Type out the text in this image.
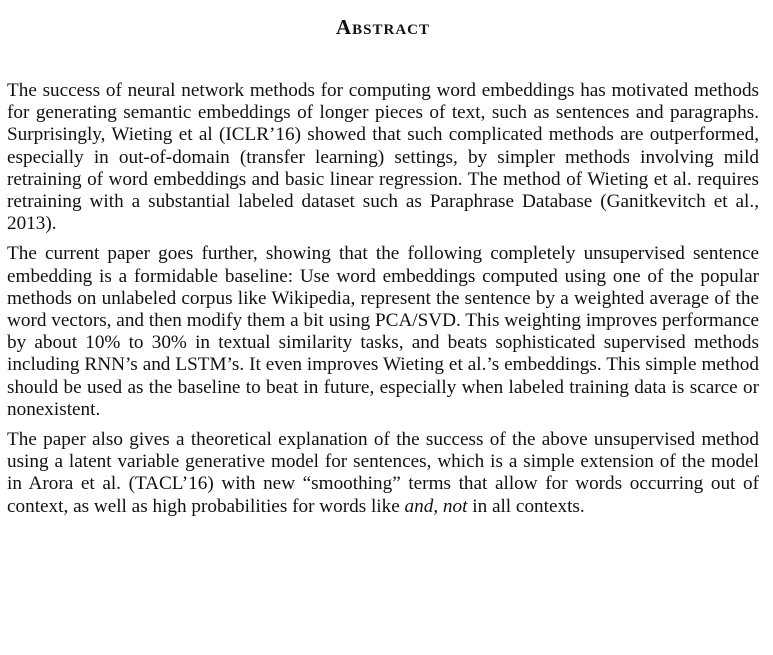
Abstract

The success of neural network methods for computing word embeddings has motivated methods for generating semantic embeddings of longer pieces of text, such as sentences and paragraphs. Surprisingly, Wieting et al (ICLR’16) showed that such complicated methods are outperformed, especially in out-of-domain (transfer learning) settings, by simpler methods involving mild retraining of word embeddings and basic linear regression. The method of Wieting et al. requires retraining with a substantial labeled dataset such as Paraphrase Database (Ganitkevitch et al., 2013).

The current paper goes further, showing that the following completely unsupervised sentence embedding is a formidable baseline: Use word embeddings computed using one of the popular methods on unlabeled corpus like Wikipedia, represent the sentence by a weighted average of the word vectors, and then modify them a bit using PCA/SVD. This weighting improves performance by about 10% to 30% in textual similarity tasks, and beats sophisticated supervised methods including RNN’s and LSTM’s. It even improves Wieting et al.’s embeddings. This simple method should be used as the baseline to beat in future, especially when labeled training data is scarce or nonexistent.

The paper also gives a theoretical explanation of the success of the above unsupervised method using a latent variable generative model for sentences, which is a simple extension of the model in Arora et al. (TACL’16) with new “smoothing” terms that allow for words occurring out of context, as well as high probabilities for words like and, not in all contexts.
